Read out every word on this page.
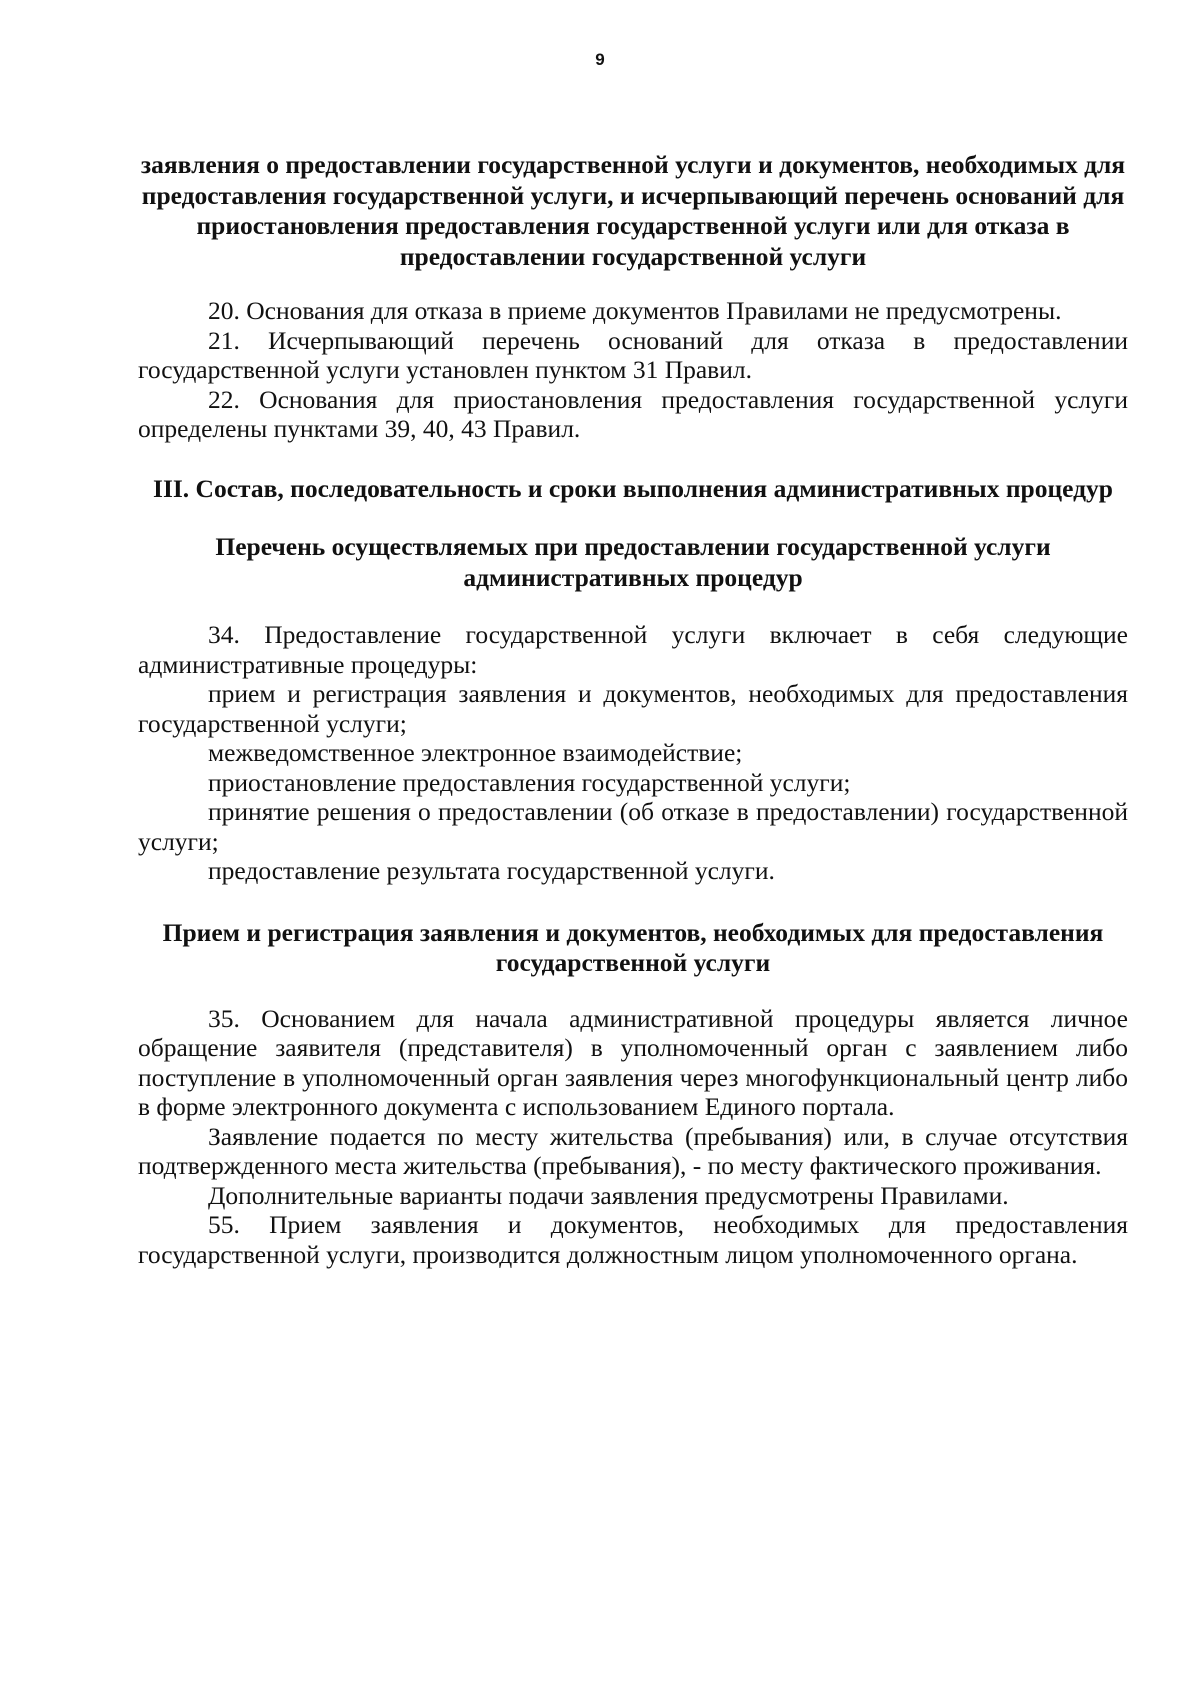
9

заявления о предоставлении государственной услуги и документов, необходимых для предоставления государственной услуги, и исчерпывающий перечень оснований для приостановления предоставления государственной услуги или для отказа в предоставлении государственной услуги

20. Основания для отказа в приеме документов Правилами не предусмотрены.

21. Исчерпывающий перечень оснований для отказа в предоставлении государственной услуги установлен пунктом 31 Правил.

22. Основания для приостановления предоставления государственной услуги определены пунктами 39, 40, 43 Правил.

III. Состав, последовательность и сроки выполнения административных процедур

Перечень осуществляемых при предоставлении государственной услуги административных процедур

34. Предоставление государственной услуги включает в себя следующие административные процедуры:

прием и регистрация заявления и документов, необходимых для предоставления государственной услуги;

межведомственное электронное взаимодействие;

приостановление предоставления государственной услуги;

принятие решения о предоставлении (об отказе в предоставлении) государственной услуги;

предоставление результата государственной услуги.

Прием и регистрация заявления и документов, необходимых для предоставления государственной услуги

35. Основанием для начала административной процедуры является личное обращение заявителя (представителя) в уполномоченный орган с заявлением либо поступление в уполномоченный орган заявления через многофункциональный центр либо в форме электронного документа с использованием Единого портала.

Заявление подается по месту жительства (пребывания) или, в случае отсутствия подтвержденного места жительства (пребывания), - по месту фактического проживания.

Дополнительные варианты подачи заявления предусмотрены Правилами.

55. Прием заявления и документов, необходимых для предоставления государственной услуги, производится должностным лицом уполномоченного органа.
